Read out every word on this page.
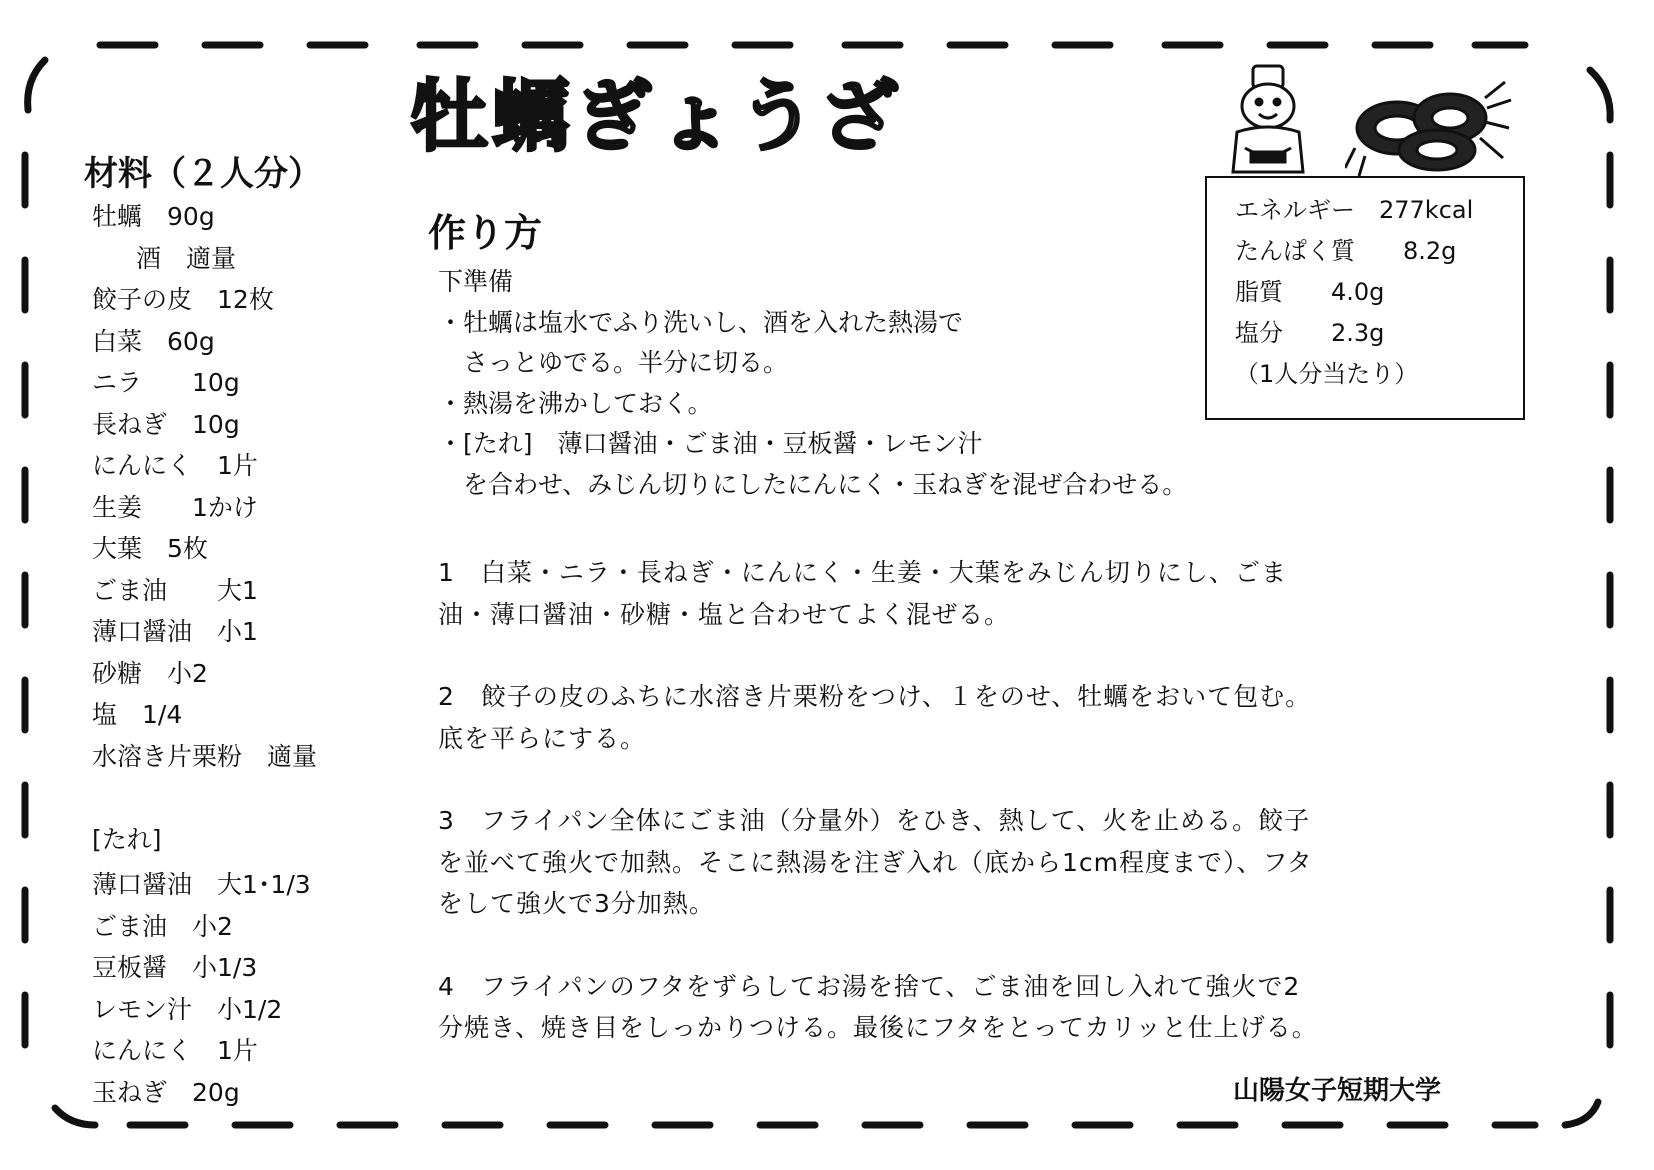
牡蠣ぎょうざ
材料（２人分）
牡蠣　 90g
酒　 適量
餃子の皮　 12枚
白菜　 60g
ニラ　　 10g
長ねぎ　 10g
にんにく　 1片
生姜　　 1かけ
大葉　 5枚
ごま油　　 大1
薄口醤油　 小1
砂糖　 小2
塩　 1/4
水溶き片栗粉　 適量
[たれ]
薄口醤油　 大1･1/3
ごま油　 小2
豆板醤　 小1/3
レモン汁　 小1/2
にんにく　 1片
玉ねぎ　 20g
作り方
下準備
・牡蠣は塩水でふり洗いし、酒を入れた熱湯で
　さっとゆでる。半分に切る。
・熱湯を沸かしておく。
・[たれ]　薄口醤油・ごま油・豆板醤・レモン汁
　を合わせ、みじん切りにしたにんにく・玉ねぎを混ぜ合わせる。
1　白菜・ニラ・長ねぎ・にんにく・生姜・大葉をみじん切りにし、ごま
油・薄口醤油・砂糖・塩と合わせてよく混ぜる。
2　餃子の皮のふちに水溶き片栗粉をつけ、１をのせ、牡蠣をおいて包む。
底を平らにする。
3　フライパン全体にごま油（分量外）をひき、熱して、火を止める。餃子
を並べて強火で加熱。そこに熱湯を注ぎ入れ（底から1cm程度まで）、フタ
をして強火で3分加熱。
4　フライパンのフタをずらしてお湯を捨て、ごま油を回し入れて強火で2
分焼き、焼き目をしっかりつける。最後にフタをとってカリッと仕上げる。
エネルギー　 277kcal
たんぱく質　　 8.2g
脂質　　 4.0g
塩分　　 2.3g
（1人分当たり）
山陽女子短期大学
